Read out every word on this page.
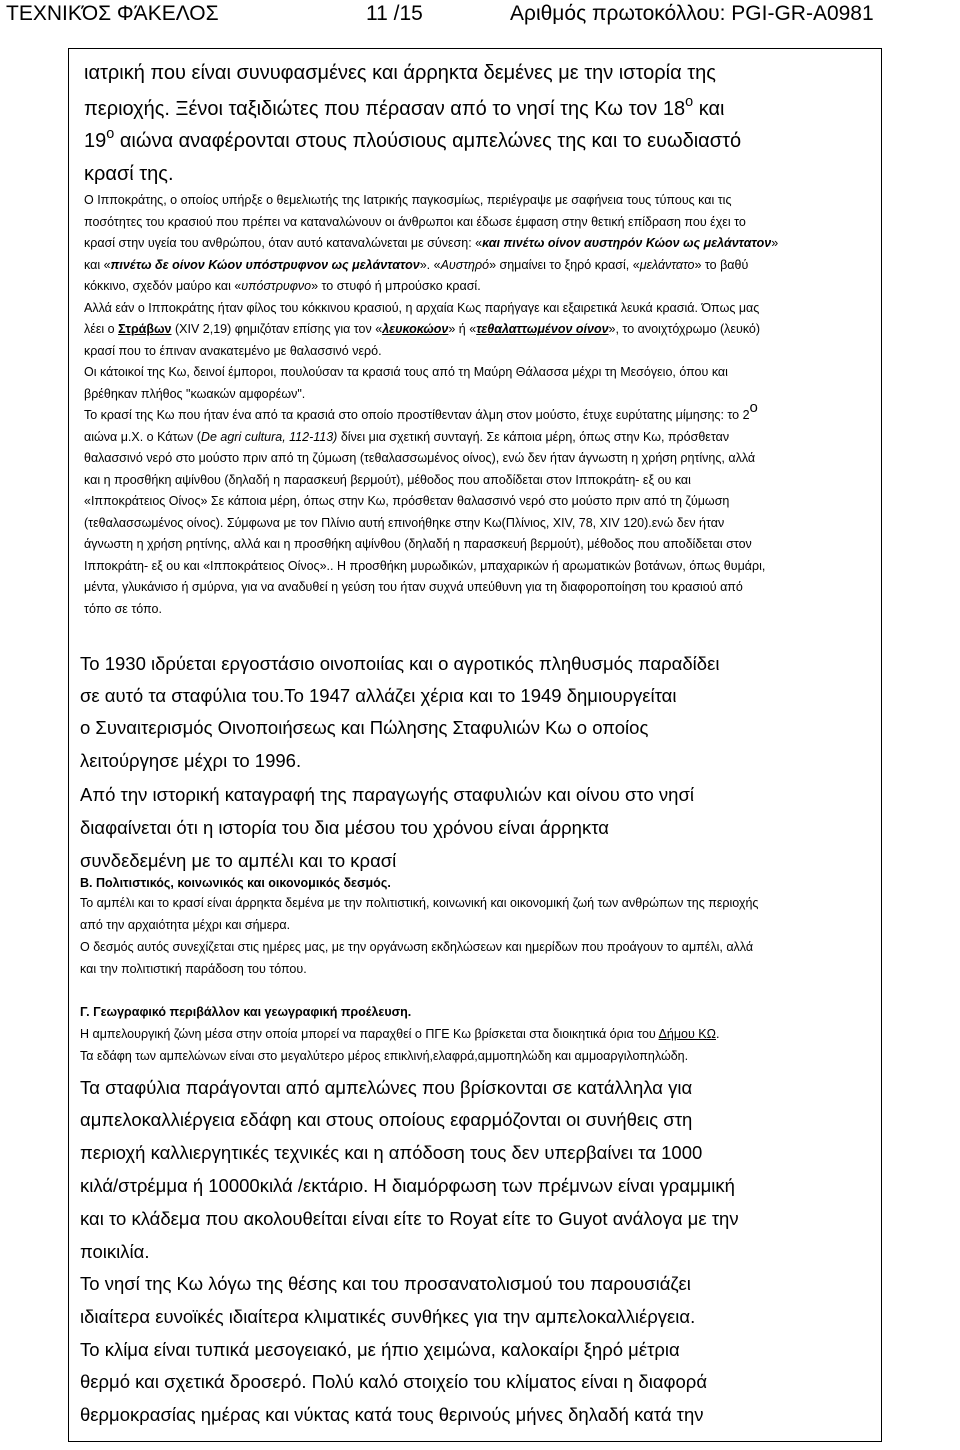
ΤΕΧΝΙΚΌΣ ΦΆΚΕΛΟΣ	11 /15	Αριθμός πρωτοκόλλου: PGI-GR-A0981
ιατρική που είναι συνυφασμένες και άρρηκτα δεμένες με την ιστορία της
περιοχής. Ξένοι ταξιδιώτες που πέρασαν από το νησί της Κω τον $18^o$ και
$19^o$ αιώνα αναφέρονται στους πλούσιους αμπελώνες της και το ευωδιαστό
κρασί της.
Ο Ιπποκράτης, ο οποίος υπήρξε ο θεμελιωτής της Ιατρικής παγκοσμίως, περιέγραψε με σαφήνεια τους τύπους και τις
ποσότητες του κρασιού που πρέπει να καταναλώνουν οι άνθρωποι και έδωσε έμφαση στην θετική επίδραση που έχει το
κρασί στην υγεία του ανθρώπου, όταν αυτό καταναλώνεται με σύνεση: «και πινέτω οίνον αυστηρόν Κώον ως μελάντατον»
και «πινέτω δε οίνον Κώον υπόστρυφνον ως μελάντατον». «Αυστηρό» σημαίνει το ξηρό κρασί, «μελάντατο» το βαθύ
κόκκινο, σχεδόν μαύρο και «υπόστρυφνο» το στυφό ή μπρούσκο κρασί.
Αλλά εάν ο Ιπποκράτης ήταν φίλος του κόκκινου κρασιού, η αρχαία Κως παρήγαγε και εξαιρετικά λευκά κρασιά. Όπως μας
λέει ο Στράβων (XIV 2,19) φημιζόταν επίσης για τον «λευκοκώον» ή «τεθαλαττωμένον οίνον», το ανοιχτόχρωμο (λευκό)
κρασί που το έπιναν ανακατεμένο με θαλασσινό νερό.
Οι κάτοικοί της Κω, δεινοί έμποροι, πουλούσαν τα κρασιά τους από τη Μαύρη Θάλασσα μέχρι τη Μεσόγειο, όπου και
βρέθηκαν πλήθος "κωακών αμφορέων".
Το κρασί της Κω που ήταν ένα από τα κρασιά στο οποίο προστίθενταν άλμη στον μούστο, έτυχε ευρύτατης μίμησης: το $2^o$
αιώνα μ.Χ. ο Κάτων (De agri cultura, 112-113) δίνει μια σχετική συνταγή. Σε κάποια μέρη, όπως στην Κω, πρόσθεταν
θαλασσινό νερό στο μούστο πριν από τη ζύμωση (τεθαλασσωμένος οίνος), ενώ δεν ήταν άγνωστη η χρήση ρητίνης, αλλά
και η προσθήκη αψίνθου (δηλαδή η παρασκευή βερμούτ), μέθοδος που αποδίδεται στον Ιπποκράτη- εξ ου και
«Ιπποκράτειος Οίνος» Σε κάποια μέρη, όπως στην Κω, πρόσθεταν θαλασσινό νερό στο μούστο πριν από τη ζύμωση
(τεθαλασσωμένος οίνος). Σύμφωνα με τον Πλίνιο αυτή επινοήθηκε στην Κω(Πλίνιος, XIV, 78, XIV 120).ενώ δεν ήταν
άγνωστη η χρήση ρητίνης, αλλά και η προσθήκη αψίνθου (δηλαδή η παρασκευή βερμούτ), μέθοδος που αποδίδεται στον
Ιπποκράτη- εξ ου και «Ιπποκράτειος Οίνος».. Η προσθήκη μυρωδικών, μπαχαρικών ή αρωματικών βοτάνων, όπως θυμάρι,
μέντα, γλυκάνισο ή σμύρνα, για να αναδυθεί η γεύση του ήταν συχνά υπεύθυνη για τη διαφοροποίηση του κρασιού από
τόπο σε τόπο.
Το 1930 ιδρύεται εργοστάσιο οινοποιίας και ο αγροτικός πληθυσμός παραδίδει
σε αυτό τα σταφύλια του.Το 1947 αλλάζει χέρια και το 1949 δημιουργείται
ο Συναιτερισμός Οινοποιήσεως και Πώλησης Σταφυλιών Κω ο οποίος
λειτούργησε μέχρι το 1996.
Από την ιστορική καταγραφή της παραγωγής σταφυλιών και οίνου στο νησί
διαφαίνεται ότι η ιστορία του δια μέσου του χρόνου είναι άρρηκτα
συνδεδεμένη με το αμπέλι και το κρασί
Β. Πολιτιστικός, κοινωνικός και οικονομικός δεσμός.
Το αμπέλι και το κρασί είναι άρρηκτα δεμένα με την πολιτιστική, κοινωνική και οικονομική ζωή των ανθρώπων της περιοχής
από την αρχαιότητα μέχρι και σήμερα.
Ο δεσμός αυτός συνεχίζεται στις ημέρες μας, με την οργάνωση εκδηλώσεων και ημερίδων που προάγουν το αμπέλι, αλλά
και την πολιτιστική παράδοση του τόπου.
Γ. Γεωγραφικό περιβάλλον και γεωγραφική προέλευση.
Η αμπελουργική ζώνη μέσα στην οποία μπορεί να παραχθεί ο ΠΓΕ Κω βρίσκεται στα διοικητικά όρια του Δήμου ΚΩ.
Τα εδάφη των αμπελώνων είναι στο μεγαλύτερο μέρος επικλινή,ελαφρά,αμμοπηλώδη και αμμοαργιλοπηλώδη.
Τα σταφύλια παράγονται από αμπελώνες που βρίσκονται σε κατάλληλα για
αμπελοκαλλιέργεια εδάφη και στους οποίους εφαρμόζονται οι συνήθεις στη
περιοχή καλλιεργητικές τεχνικές και η απόδοση τους δεν υπερβαίνει τα 1000
κιλά/στρέμμα ή 10000κιλά /εκτάριο. Η διαμόρφωση των πρέμνων είναι γραμμική
και το κλάδεμα που ακολουθείται είναι είτε το Royat είτε το Guyot ανάλογα με την
ποικιλία.
Το νησί της Κω λόγω της θέσης και του προσανατολισμού του παρουσιάζει
ιδιαίτερα ευνοϊκές ιδιαίτερα κλιματικές συνθήκες για την αμπελοκαλλιέργεια.
Το κλίμα είναι τυπικά μεσογειακό, με ήπιο χειμώνα, καλοκαίρι ξηρό μέτρια
θερμό και σχετικά δροσερό. Πολύ καλό στοιχείο του κλίματος είναι η διαφορά
θερμοκρασίας ημέρας και νύκτας κατά τους θερινούς μήνες δηλαδή κατά την
